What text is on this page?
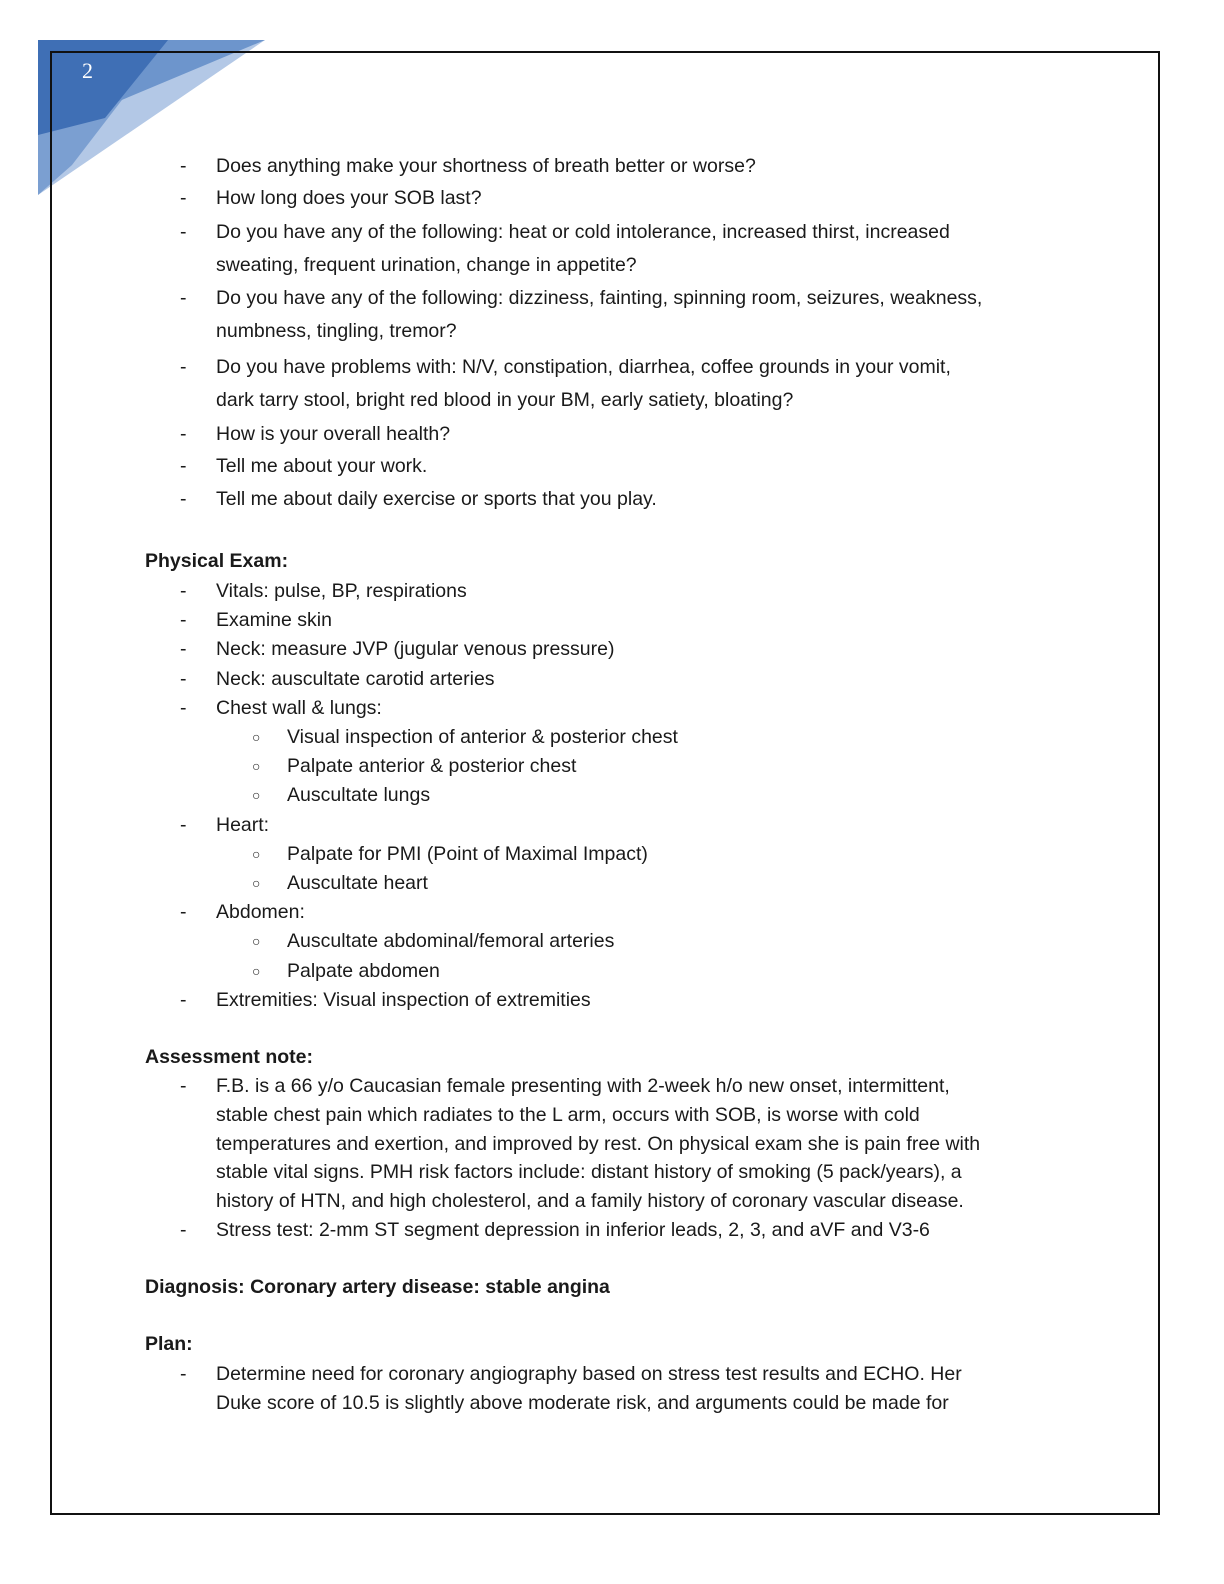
2
- Does anything make your shortness of breath better or worse?
- How long does your SOB last?
- Do you have any of the following: heat or cold intolerance, increased thirst, increased
sweating, frequent urination, change in appetite?
- Do you have any of the following: dizziness, fainting, spinning room, seizures, weakness,
numbness, tingling, tremor?
- Do you have problems with: N/V, constipation, diarrhea, coffee grounds in your vomit,
dark tarry stool, bright red blood in your BM, early satiety, bloating?
- How is your overall health?
- Tell me about your work.
- Tell me about daily exercise or sports that you play.
Physical Exam:
- Vitals: pulse, BP, respirations
- Examine skin
- Neck: measure JVP (jugular venous pressure)
- Neck: auscultate carotid arteries
- Chest wall & lungs:
○ Visual inspection of anterior & posterior chest
○ Palpate anterior & posterior chest
○ Auscultate lungs
- Heart:
○ Palpate for PMI (Point of Maximal Impact)
○ Auscultate heart
- Abdomen:
○ Auscultate abdominal/femoral arteries
○ Palpate abdomen
- Extremities: Visual inspection of extremities
Assessment note:
- F.B. is a 66 y/o Caucasian female presenting with 2-week h/o new onset, intermittent,
stable chest pain which radiates to the L arm, occurs with SOB, is worse with cold
temperatures and exertion, and improved by rest. On physical exam she is pain free with
stable vital signs. PMH risk factors include: distant history of smoking (5 pack/years), a
history of HTN, and high cholesterol, and a family history of coronary vascular disease.
- Stress test: 2-mm ST segment depression in inferior leads, 2, 3, and aVF and V3-6
Diagnosis: Coronary artery disease: stable angina
Plan:
- Determine need for coronary angiography based on stress test results and ECHO. Her
Duke score of 10.5 is slightly above moderate risk, and arguments could be made for
